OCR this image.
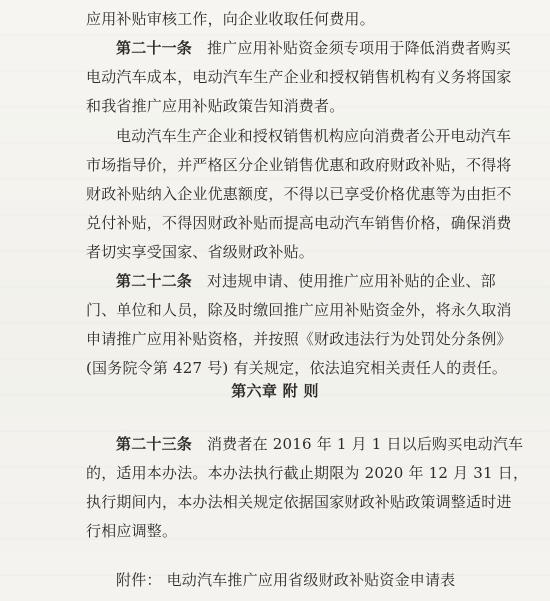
应用补贴审核工作，向企业收取任何费用。
第二十一条 推广应用补贴资金须专项用于降低消费者购买
电动汽车成本，电动汽车生产企业和授权销售机构有义务将国家
和我省推广应用补贴政策告知消费者。
电动汽车生产企业和授权销售机构应向消费者公开电动汽车
市场指导价，并严格区分企业销售优惠和政府财政补贴，不得将
财政补贴纳入企业优惠额度，不得以已享受价格优惠等为由拒不
兑付补贴，不得因财政补贴而提高电动汽车销售价格，确保消费
者切实享受国家、省级财政补贴。
第二十二条 对违规申请、使用推广应用补贴的企业、部
门、单位和人员，除及时缴回推广应用补贴资金外，将永久取消
申请推广应用补贴资格，并按照《财政违法行为处罚处分条例》
(国务院令第 427 号) 有关规定，依法追究相关责任人的责任。
第六章 附 则
第二十三条 消费者在 2016 年 1 月 1 日以后购买电动汽车
的，适用本办法。本办法执行截止期限为 2020 年 12 月 31 日，
执行期间内，本办法相关规定依据国家财政补贴政策调整适时进
行相应调整。
附件： 电动汽车推广应用省级财政补贴资金申请表
